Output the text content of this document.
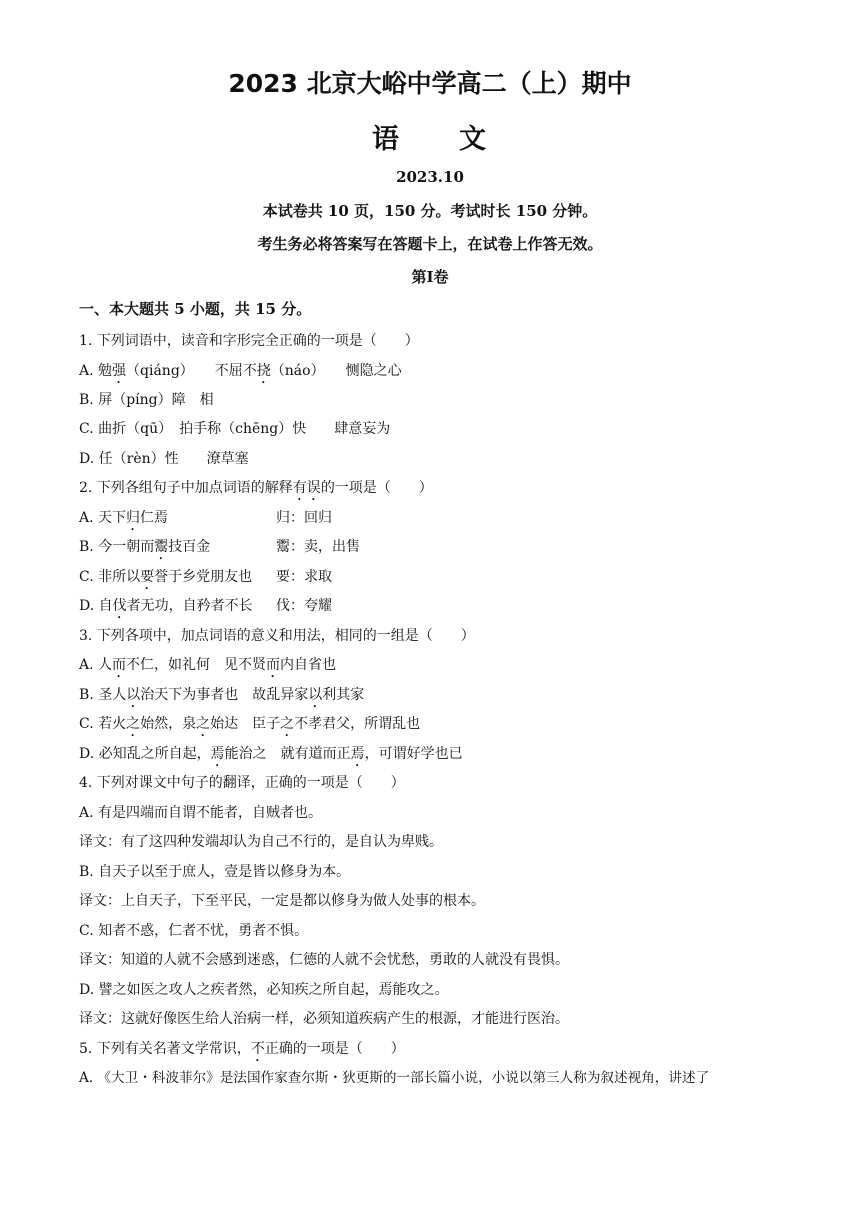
2023 北京大峪中学高二（上）期中
语　　文
2023.10
本试卷共 10 页，150 分。考试时长 150 分钟。
考生务必将答案写在答题卡上，在试卷上作答无效。
第Ⅰ卷
一、本大题共 5 小题，共 15 分。
1. 下列词语中，读音和字形完全正确的一项是（　　）
A. 勉强（qiáng）　　不屈不挠（náo）　　恻隐之心
B. 屏（píng）障　相
C. 曲折（qū）　拍手称（chēng）快　　肆意妄为
D. 任（rèn）性　　潦草塞
2. 下列各组句子中加点词语的解释有误的一项是（　　）
A. 天下归仁焉	归：回归
B. 今一朝而鬻技百金	鬻：卖，出售
C. 非所以要誉于乡党朋友也 要：求取
D. 自伐者无功，自矜者不长 伐：夸耀
3. 下列各项中，加点词语的意义和用法，相同的一组是（　　）
A. 人而不仁，如礼何　见不贤而内自省也
B. 圣人以治天下为事者也　故乱异家以利其家
C. 若火之始然，泉之始达　臣子之不孝君父，所谓乱也
D. 必知乱之所自起，焉能治之　就有道而正焉，可谓好学也已
4. 下列对课文中句子的翻译，正确的一项是（　　）
A. 有是四端而自谓不能者，自贼者也。
译文：有了这四种发端却认为自己不行的，是自认为卑贱。
B. 自天子以至于庶人，壹是皆以修身为本。
译文：上自天子，下至平民，一定是都以修身为做人处事的根本。
C. 知者不惑，仁者不忧，勇者不惧。
译文：知道的人就不会感到迷惑，仁德的人就不会忧愁，勇敢的人就没有畏惧。
D. 譬之如医之攻人之疾者然，必知疾之所自起，焉能攻之。
译文：这就好像医生给人治病一样，必须知道疾病产生的根源，才能进行医治。
5. 下列有关名著文学常识，不正确的一项是（　　）
A. 《大卫・科波菲尔》是法国作家查尔斯・狄更斯的一部长篇小说，小说以第三人称为叙述视角，讲述了
